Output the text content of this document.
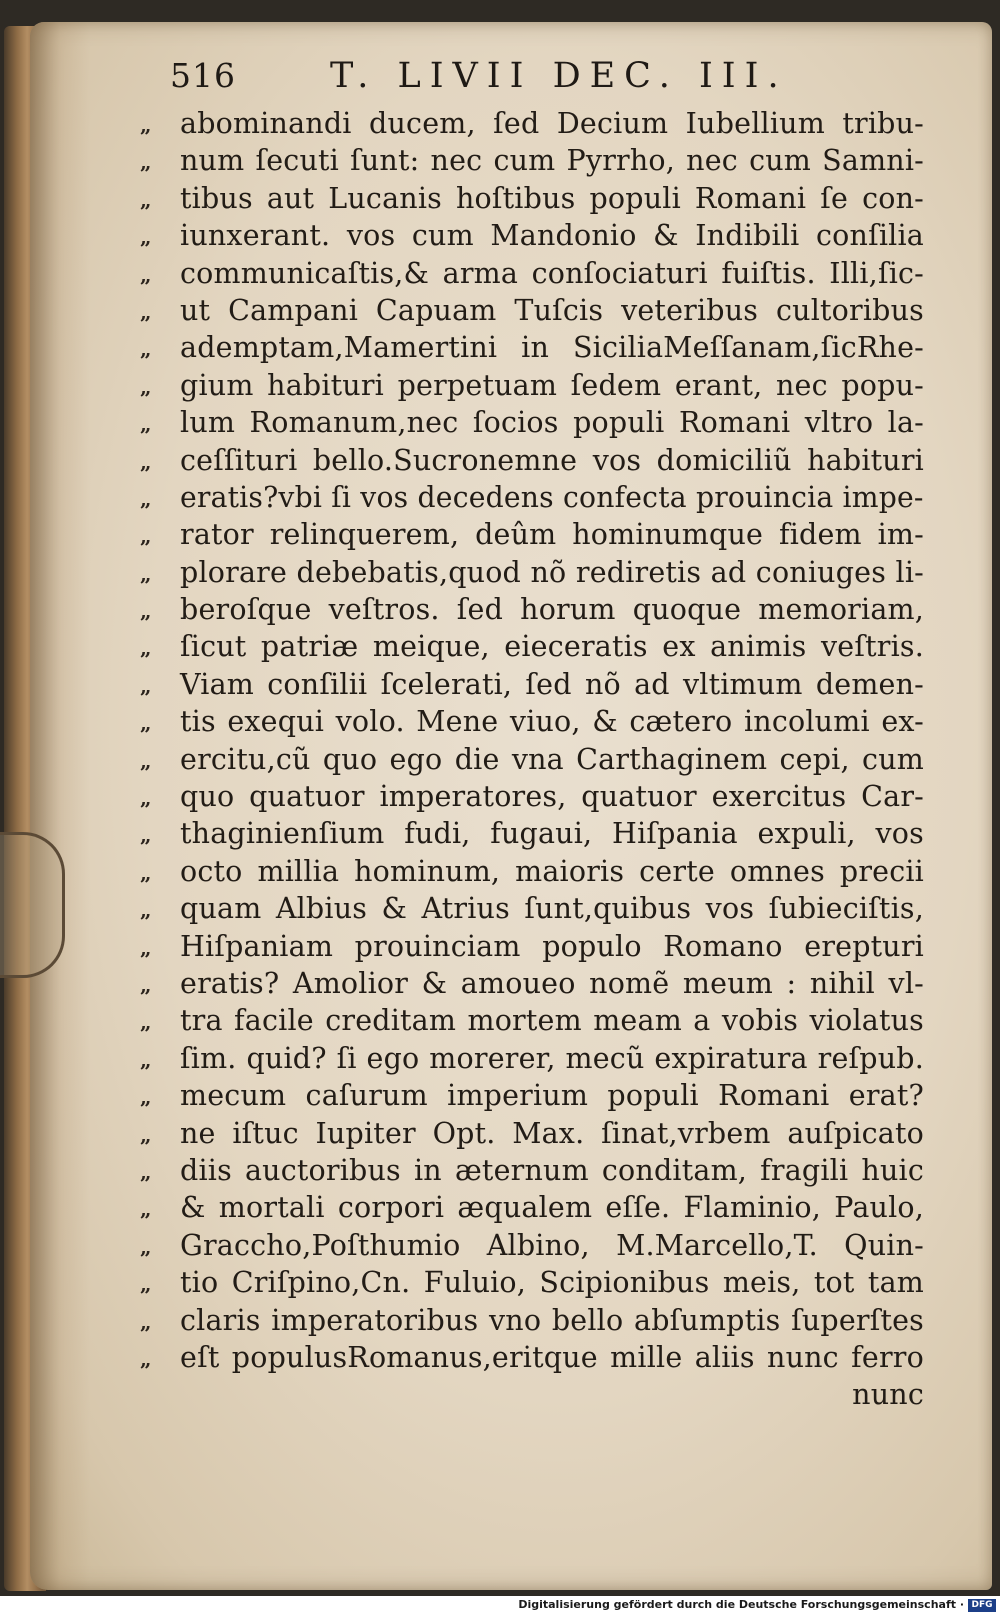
516	T. LIVII DEC. III.
„ abominandi ducem, ſed Decium Iubellium tribu-
„ num ſecuti ſunt: nec cum Pyrrho, nec cum Samni-
„ tibus aut Lucanis hoſtibus populi Romani ſe con-
„ iunxerant. vos cum Mandonio & Indibili conſilia
„ communicaſtis,& arma conſociaturi fuiſtis. Illi,ſic-
„ ut Campani Capuam Tuſcis veteribus cultoribus
„ ademptam,Mamertini in SiciliaMeſſanam,ſicRhe-
„ gium habituri perpetuam ſedem erant, nec popu-
„ lum Romanum,nec ſocios populi Romani vltro la-
„ ceſſituri bello.Sucronemne vos domiciliũ habituri
„ eratis?vbi ſi vos decedens confecta prouincia impe-
„ rator relinquerem, deûm hominumque fidem im-
„ plorare debebatis,quod nõ rediretis ad coniuges li-
„ beroſque veſtros. ſed horum quoque memoriam,
„ ſicut patriæ meique, eieceratis ex animis veſtris.
„ Viam conſilii ſcelerati, ſed nõ ad vltimum demen-
„ tis exequi volo. Mene viuo, & cætero incolumi ex-
„ ercitu,cũ quo ego die vna Carthaginem cepi, cum
„ quo quatuor imperatores, quatuor exercitus Car-
„ thaginienſium fudi, fugaui, Hiſpania expuli, vos
„ octo millia hominum, maioris certe omnes precii
„ quam Albius & Atrius ſunt,quibus vos ſubieciſtis,
„ Hiſpaniam prouinciam populo Romano erepturi
„ eratis? Amolior & amoueo nomẽ meum : nihil vl-
„ tra facile creditam mortem meam a vobis violatus
„ ſim. quid? ſi ego morerer, mecũ expiratura reſpub.
„ mecum caſurum imperium populi Romani erat?
„ ne iſtuc Iupiter Opt. Max. ſinat,vrbem auſpicato
„ diis auctoribus in æternum conditam, fragili huic
„ & mortali corpori æqualem eſſe. Flaminio, Paulo,
„ Graccho,Poſthumio Albino, M.Marcello,T. Quin-
„ tio Criſpino,Cn. Fuluio, Scipionibus meis, tot tam
„ claris imperatoribus vno bello abſumptis ſuperſtes
„ eſt populusRomanus,eritque mille aliis nunc ferro
nunc
Digitalisierung gefördert durch die Deutsche Forschungsgemeinschaft · DFG
